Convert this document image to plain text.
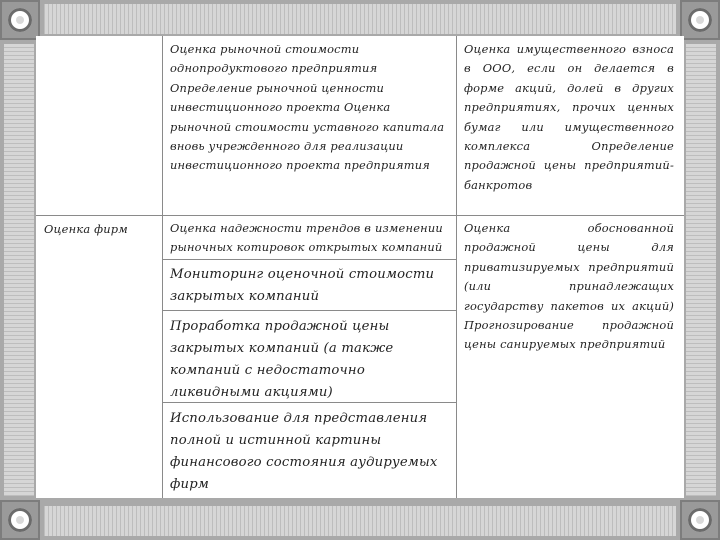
Оценка рыночной стоимости однопродуктового предприятия Определение рыночной ценности инвестиционного проекта Оценка рыночной стоимости уставного капитала вновь учрежденного для реализации инвестиционного проекта предприятия
Оценка имущественного взноса в ООО, если он делается в форме акций, долей в других предприятиях, прочих ценных бумаг или имущественного комплекса Определение продажной цены предприятий-банкротов
Оценка фирм	Оценка надежности трендов в изменении рыночных котировок открытых компаний
Мониторинг оценочной стоимости закрытых компаний
Проработка продажной цены закрытых компаний (а также компаний с недостаточно ликвидными акциями)
Использование для представления полной и истинной картины финансового состояния аудируемых фирм
Оценка обоснованной продажной цены для приватизируемых предприятий (или принадлежащих государству пакетов их акций) Прогнозирование продажной цены санируемых предприятий
